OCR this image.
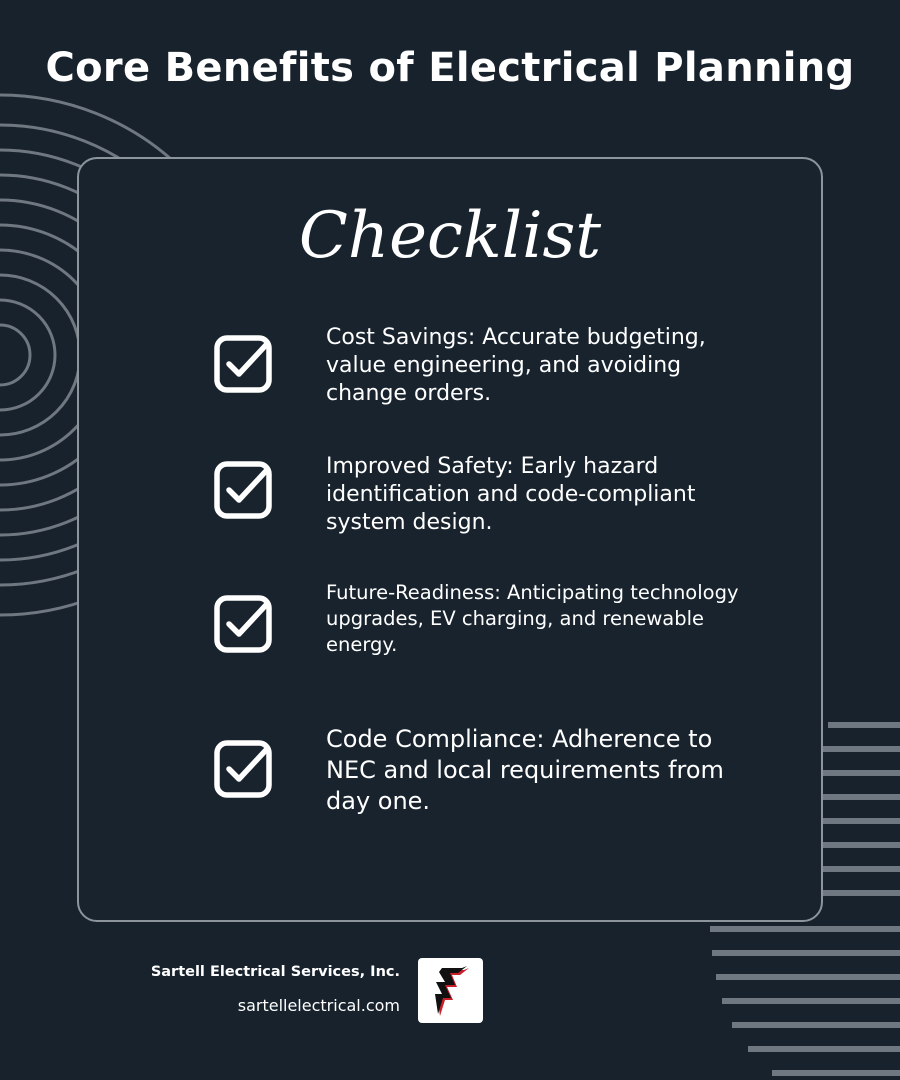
Core Benefits of Electrical Planning
Checklist
Cost Savings: Accurate budgeting, value engineering, and avoiding change orders.
Improved Safety: Early hazard identification and code-compliant system design.
Future-Readiness: Anticipating technology upgrades, EV charging, and renewable energy.
Code Compliance: Adherence to NEC and local requirements from day one.
Sartell Electrical Services, Inc.
sartellelectrical.com
